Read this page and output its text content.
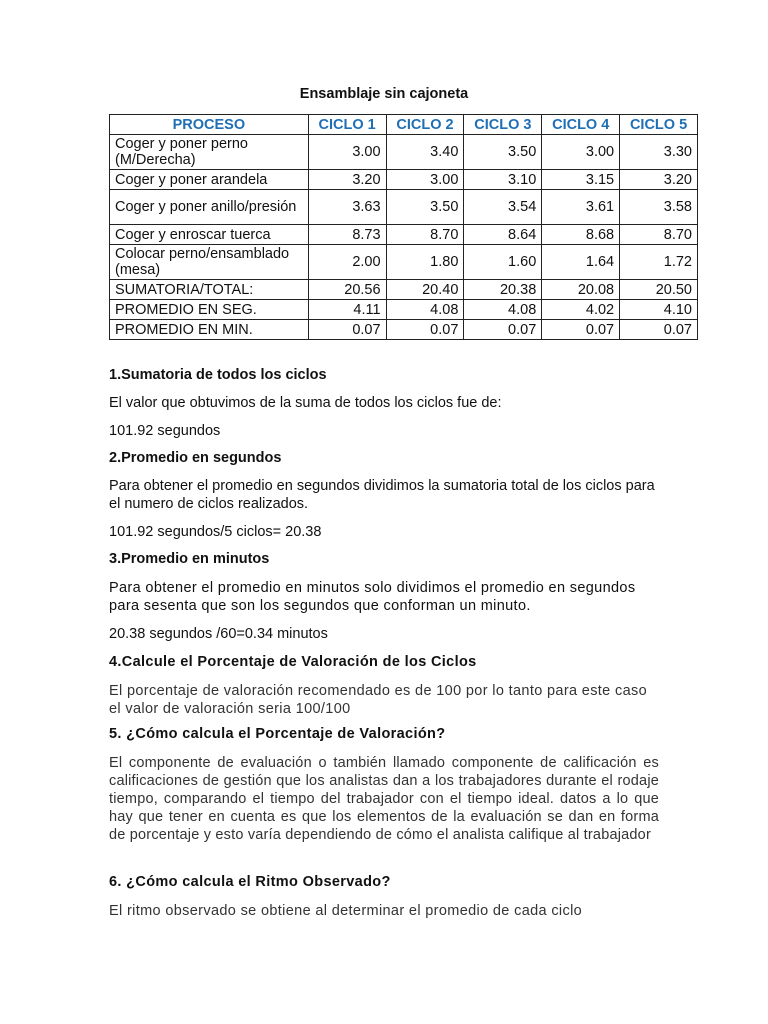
Ensamblaje sin cajoneta
PROCESO	CICLO 1	CICLO 2	CICLO 3	CICLO 4	CICLO 5
Coger y poner perno (M/Derecha)	3.00	3.40	3.50	3.00	3.30
Coger y poner arandela	3.20	3.00	3.10	3.15	3.20
Coger y poner anillo/presión	3.63	3.50	3.54	3.61	3.58
Coger y enroscar tuerca	8.73	8.70	8.64	8.68	8.70
Colocar perno/ensamblado (mesa)	2.00	1.80	1.60	1.64	1.72
SUMATORIA/TOTAL:	20.56	20.40	20.38	20.08	20.50
PROMEDIO EN SEG.	4.11	4.08	4.08	4.02	4.10
PROMEDIO EN MIN.	0.07	0.07	0.07	0.07	0.07
1.Sumatoria de todos los ciclos
El valor que obtuvimos de la suma de todos los ciclos fue de:
101.92 segundos
2.Promedio en segundos
Para obtener el promedio en segundos dividimos la sumatoria total de los ciclos para el numero de ciclos realizados.
101.92 segundos/5 ciclos= 20.38
3.Promedio en minutos
Para obtener el promedio en minutos solo dividimos el promedio en segundos para sesenta que son los segundos que conforman un minuto.
20.38 segundos /60=0.34 minutos
4.Calcule el Porcentaje de Valoración de los Ciclos
El porcentaje de valoración recomendado es de 100 por lo tanto para este caso el valor de valoración seria 100/100
5. ¿Cómo calcula el Porcentaje de Valoración?
El componente de evaluación o también llamado componente de calificación es calificaciones de gestión que los analistas dan a los trabajadores durante el rodaje tiempo, comparando el tiempo del trabajador con el tiempo ideal. datos a lo que hay que tener en cuenta es que los elementos de la evaluación se dan en forma de porcentaje y esto varía dependiendo de cómo el analista califique al trabajador
6. ¿Cómo calcula el Ritmo Observado?
El ritmo observado se obtiene al determinar el promedio de cada ciclo
